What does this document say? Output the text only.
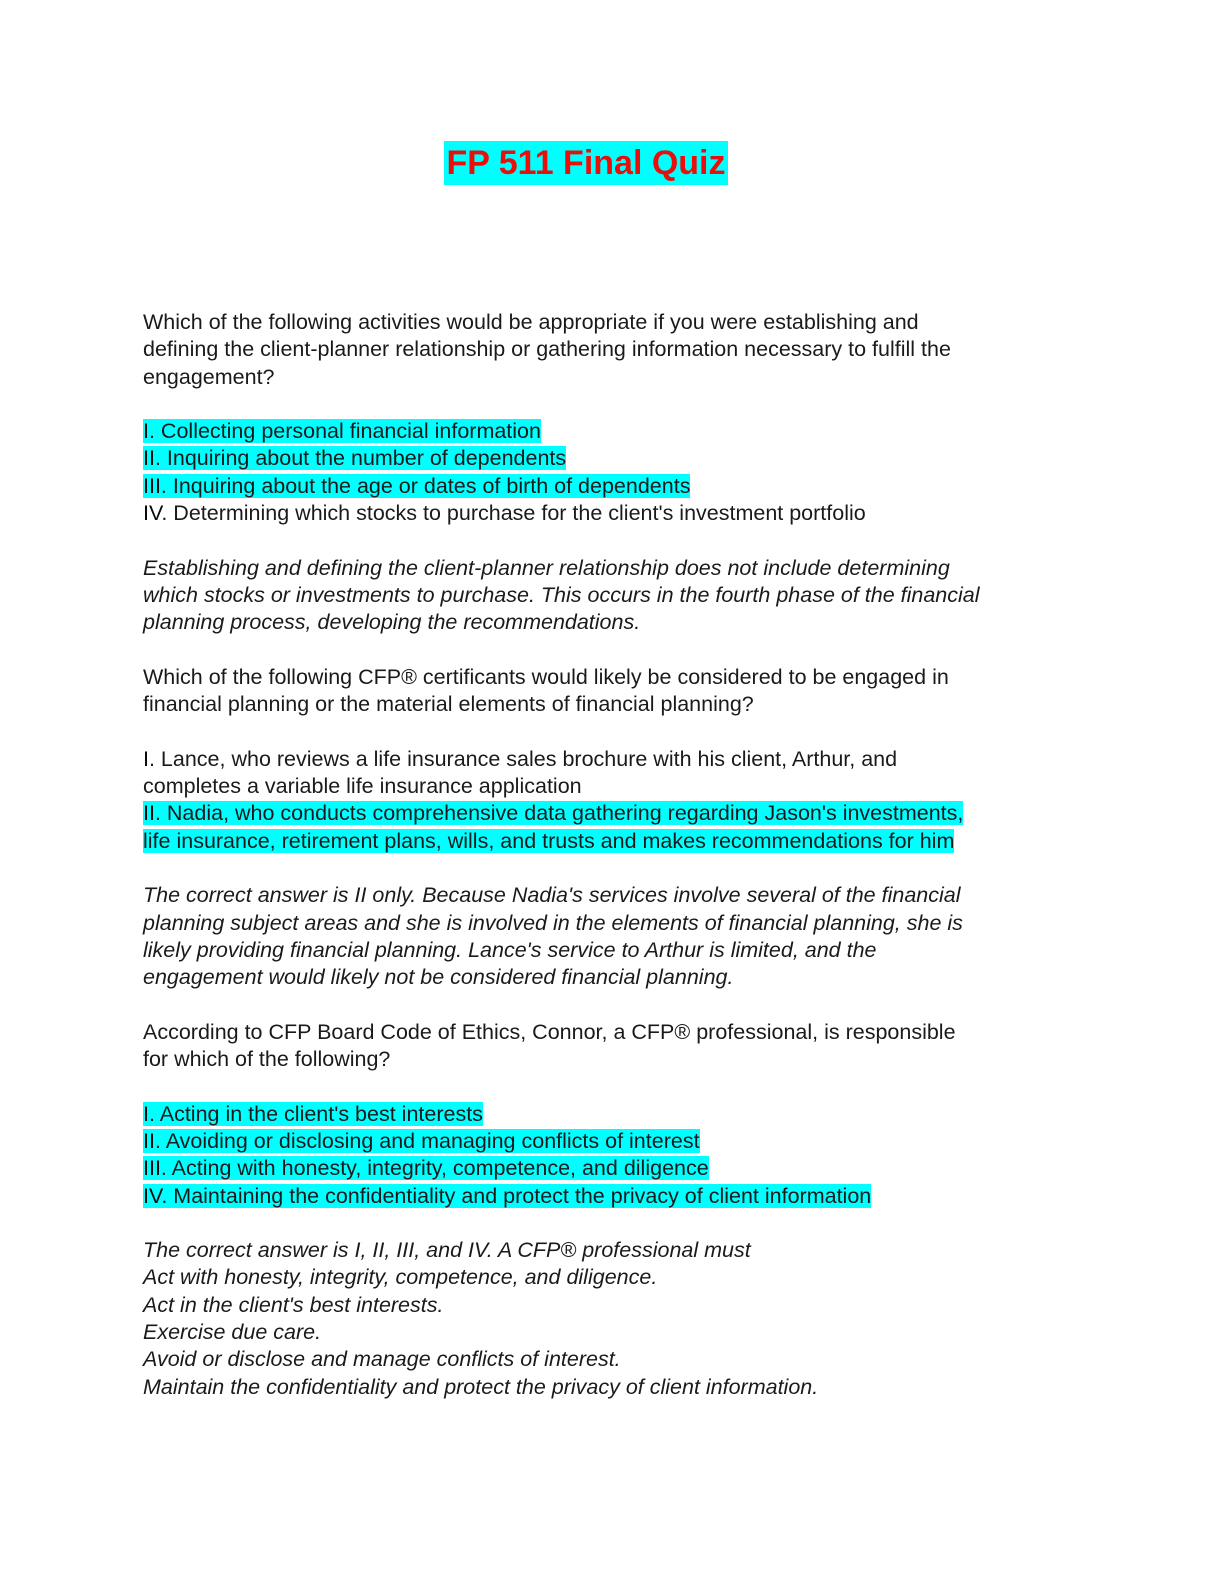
FP 511 Final Quiz
Which of the following activities would be appropriate if you were establishing and
defining the client-planner relationship or gathering information necessary to fulfill the
engagement?
I. Collecting personal financial information
II. Inquiring about the number of dependents
III. Inquiring about the age or dates of birth of dependents
IV. Determining which stocks to purchase for the client's investment portfolio
Establishing and defining the client-planner relationship does not include determining
which stocks or investments to purchase. This occurs in the fourth phase of the financial
planning process, developing the recommendations.
Which of the following CFP® certificants would likely be considered to be engaged in
financial planning or the material elements of financial planning?
I. Lance, who reviews a life insurance sales brochure with his client, Arthur, and
completes a variable life insurance application
II. Nadia, who conducts comprehensive data gathering regarding Jason's investments,
life insurance, retirement plans, wills, and trusts and makes recommendations for him
The correct answer is II only. Because Nadia's services involve several of the financial
planning subject areas and she is involved in the elements of financial planning, she is
likely providing financial planning. Lance's service to Arthur is limited, and the
engagement would likely not be considered financial planning.
According to CFP Board Code of Ethics, Connor, a CFP® professional, is responsible
for which of the following?
I. Acting in the client's best interests
II. Avoiding or disclosing and managing conflicts of interest
III. Acting with honesty, integrity, competence, and diligence
IV. Maintaining the confidentiality and protect the privacy of client information
The correct answer is I, II, III, and IV. A CFP® professional must
Act with honesty, integrity, competence, and diligence.
Act in the client's best interests.
Exercise due care.
Avoid or disclose and manage conflicts of interest.
Maintain the confidentiality and protect the privacy of client information.
